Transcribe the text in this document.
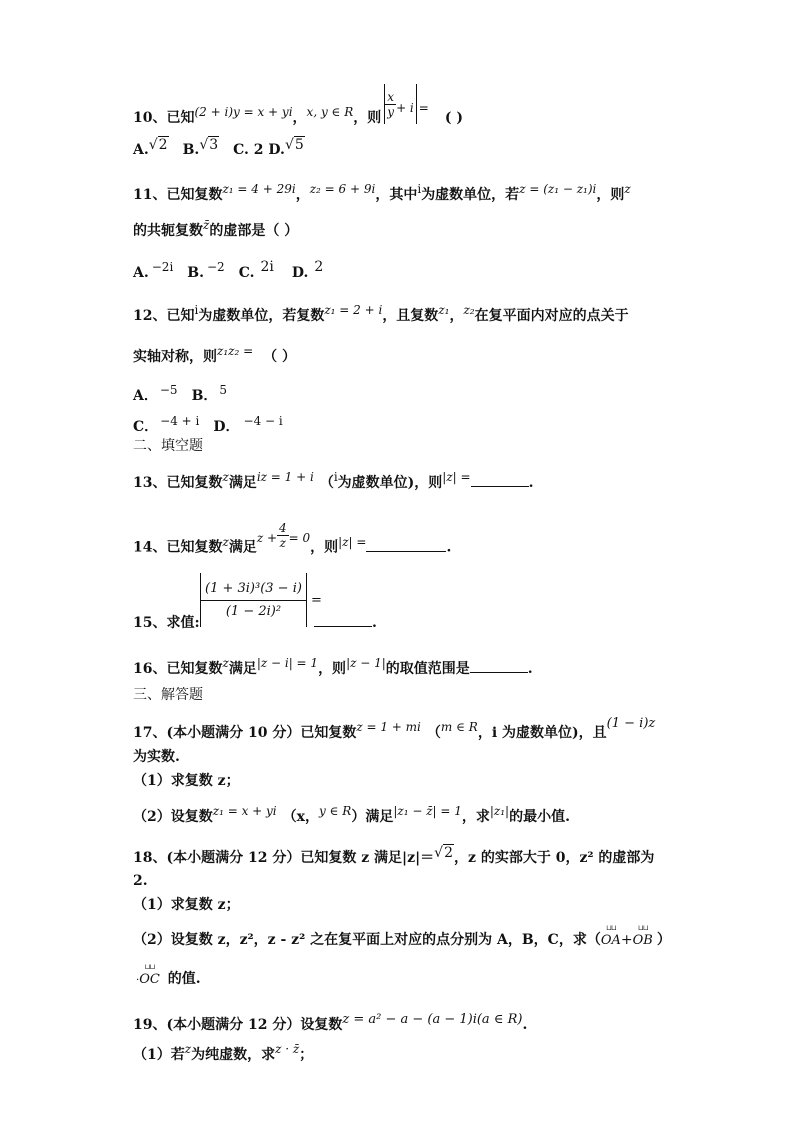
10、已知(2 + i)y = x + yi，x, y ∈ R，则 $\frac{x}{y} + i$ =( )
A.√2 B.√3 C. 2 D.√5
11、已知复数z₁ = 4 + 29i，z₂ = 6 + 9i，其中i为虚数单位，若z = (z₁ − z₁)i，则z
的共轭复数z̄的虚部是（ ）
A. −2i B. −2 C. 2i D. 2
12、已知i为虚数单位，若复数z₁ = 2 + i，且复数z₁，z₂在复平面内对应的点关于
实轴对称，则z₁z₂ = （ ）
A． −5 B． 5
C． −4 + i D． −4 − i
二、填空题
13、已知复数z满足iz = 1 + i （i为虚数单位)，则|z| =	.
14、已知复数z满足$z + \frac{4}{z} = 0$，则|z| =	.
15、求值:
$\frac{\text{(1 + 3i)³(3 − i)}}{\text{(1 − 2i)²}}$ =
.
16、已知复数z满足|z − i| = 1，则|z − 1|的取值范围是	.
三、解答题
17、(本小题满分 10 分）已知复数z = 1 + mi （m ∈ R，i 为虚数单位)，且(1 − i)z
为实数.
（1）求复数 z；
（2）设复数z₁ = x + yi （x，y ∈ R）满足|z₁ − z̄| = 1，求|z₁|的最小值.
18、(本小题满分 12 分）已知复数 z 满足|z|＝√2，z 的实部大于 0，z² 的虚部为
2.
（1）求复数 z；
（2）设复数 z，z²，z - z² 之在复平面上对应的点分别为 A，B，C，求（
⊔⊔
OA+
⊔⊔
OB ）
·
⊔⊔
OC 的值.
19、(本小题满分 12 分）设复数z = a² − a − (a − 1)i(a ∈ R).
（1）若z为纯虚数，求z · z̄；
